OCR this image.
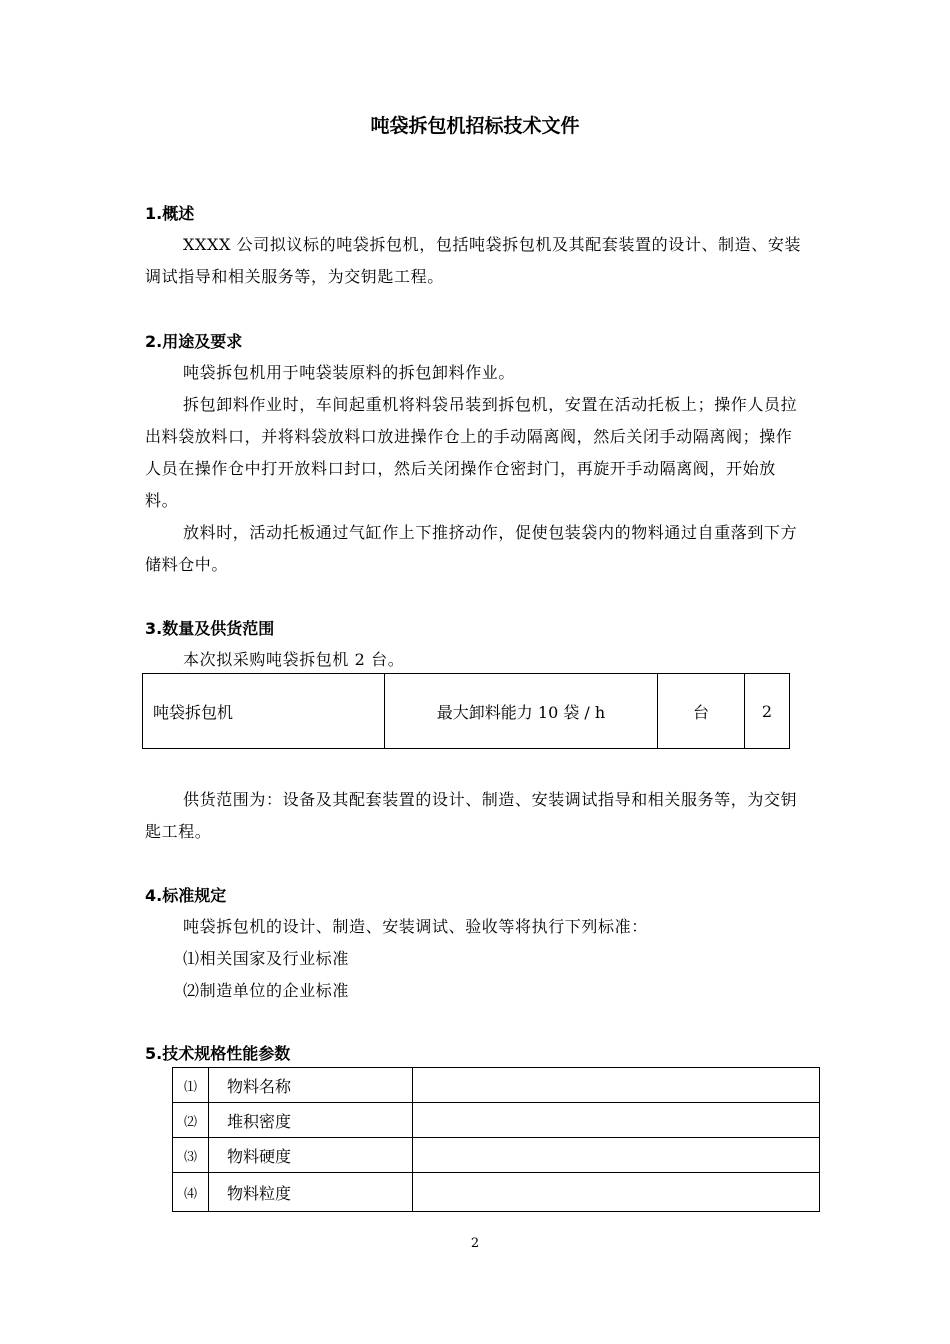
吨袋拆包机招标技术文件
1.概述

XXXX 公司拟议标的吨袋拆包机，包括吨袋拆包机及其配套装置的设计、制造、安装调试指导和相关服务等，为交钥匙工程。

2.用途及要求

吨袋拆包机用于吨袋装原料的拆包卸料作业。

拆包卸料作业时，车间起重机将料袋吊装到拆包机，安置在活动托板上；操作人员拉出料袋放料口，并将料袋放料口放进操作仓上的手动隔离阀，然后关闭手动隔离阀；操作人员在操作仓中打开放料口封口，然后关闭操作仓密封门，再旋开手动隔离阀，开始放料。

放料时，活动托板通过气缸作上下推挤动作，促使包装袋内的物料通过自重落到下方储料仓中。

3.数量及供货范围

本次拟采购吨袋拆包机 2 台。

吨袋拆包机	最大卸料能力 10 袋 / h	台	2

供货范围为：设备及其配套装置的设计、制造、安装调试指导和相关服务等，为交钥匙工程。

4.标准规定

吨袋拆包机的设计、制造、安装调试、验收等将执行下列标准：

⑴相关国家及行业标准
⑵制造单位的企业标准
5.技术规格性能参数
⑴	物料名称	
⑵	堆积密度	
⑶	物料硬度	
⑷	物料粒度	
2
